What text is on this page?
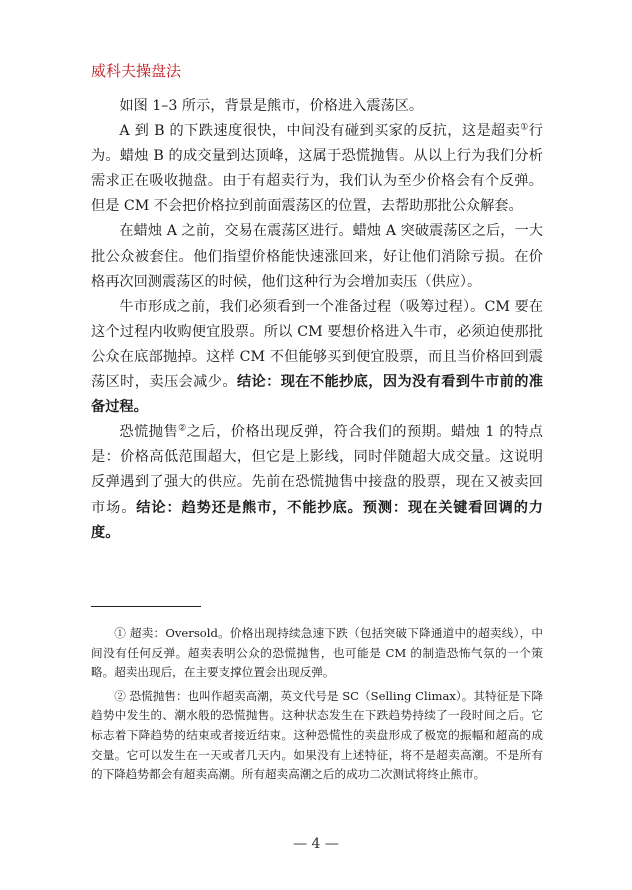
威科夫操盘法

如图 1–3 所示，背景是熊市，价格进入震荡区。

A 到 B 的下跌速度很快，中间没有碰到买家的反抗，这是超卖①行为。蜡烛 B 的成交量到达顶峰，这属于恐慌抛售。从以上行为我们分析需求正在吸收抛盘。由于有超卖行为，我们认为至少价格会有个反弹。但是 CM 不会把价格拉到前面震荡区的位置，去帮助那批公众解套。

在蜡烛 A 之前，交易在震荡区进行。蜡烛 A 突破震荡区之后，一大批公众被套住。他们指望价格能快速涨回来，好让他们消除亏损。在价格再次回测震荡区的时候，他们这种行为会增加卖压（供应）。

牛市形成之前，我们必须看到一个准备过程（吸筹过程）。CM 要在这个过程内收购便宜股票。所以 CM 要想价格进入牛市，必须迫使那批公众在底部抛掉。这样 CM 不但能够买到便宜股票，而且当价格回到震荡区时，卖压会减少。结论：现在不能抄底，因为没有看到牛市前的准备过程。

恐慌抛售②之后，价格出现反弹，符合我们的预期。蜡烛 1 的特点是：价格高低范围超大，但它是上影线，同时伴随超大成交量。这说明反弹遇到了强大的供应。先前在恐慌抛售中接盘的股票，现在又被卖回市场。结论：趋势还是熊市，不能抄底。预测：现在关键看回调的力度。

① 超卖：Oversold。价格出现持续急速下跌（包括突破下降通道中的超卖线），中间没有任何反弹。超卖表明公众的恐慌抛售，也可能是 CM 的制造恐怖气氛的一个策略。超卖出现后，在主要支撑位置会出现反弹。

② 恐慌抛售：也叫作超卖高潮，英文代号是 SC（Selling Climax）。其特征是下降趋势中发生的、潮水般的恐慌抛售。这种状态发生在下跌趋势持续了一段时间之后。它标志着下降趋势的结束或者接近结束。这种恐慌性的卖盘形成了极宽的振幅和超高的成交量。它可以发生在一天或者几天内。如果没有上述特征，将不是超卖高潮。不是所有的下降趋势都会有超卖高潮。所有超卖高潮之后的成功二次测试将终止熊市。

— 4 —
